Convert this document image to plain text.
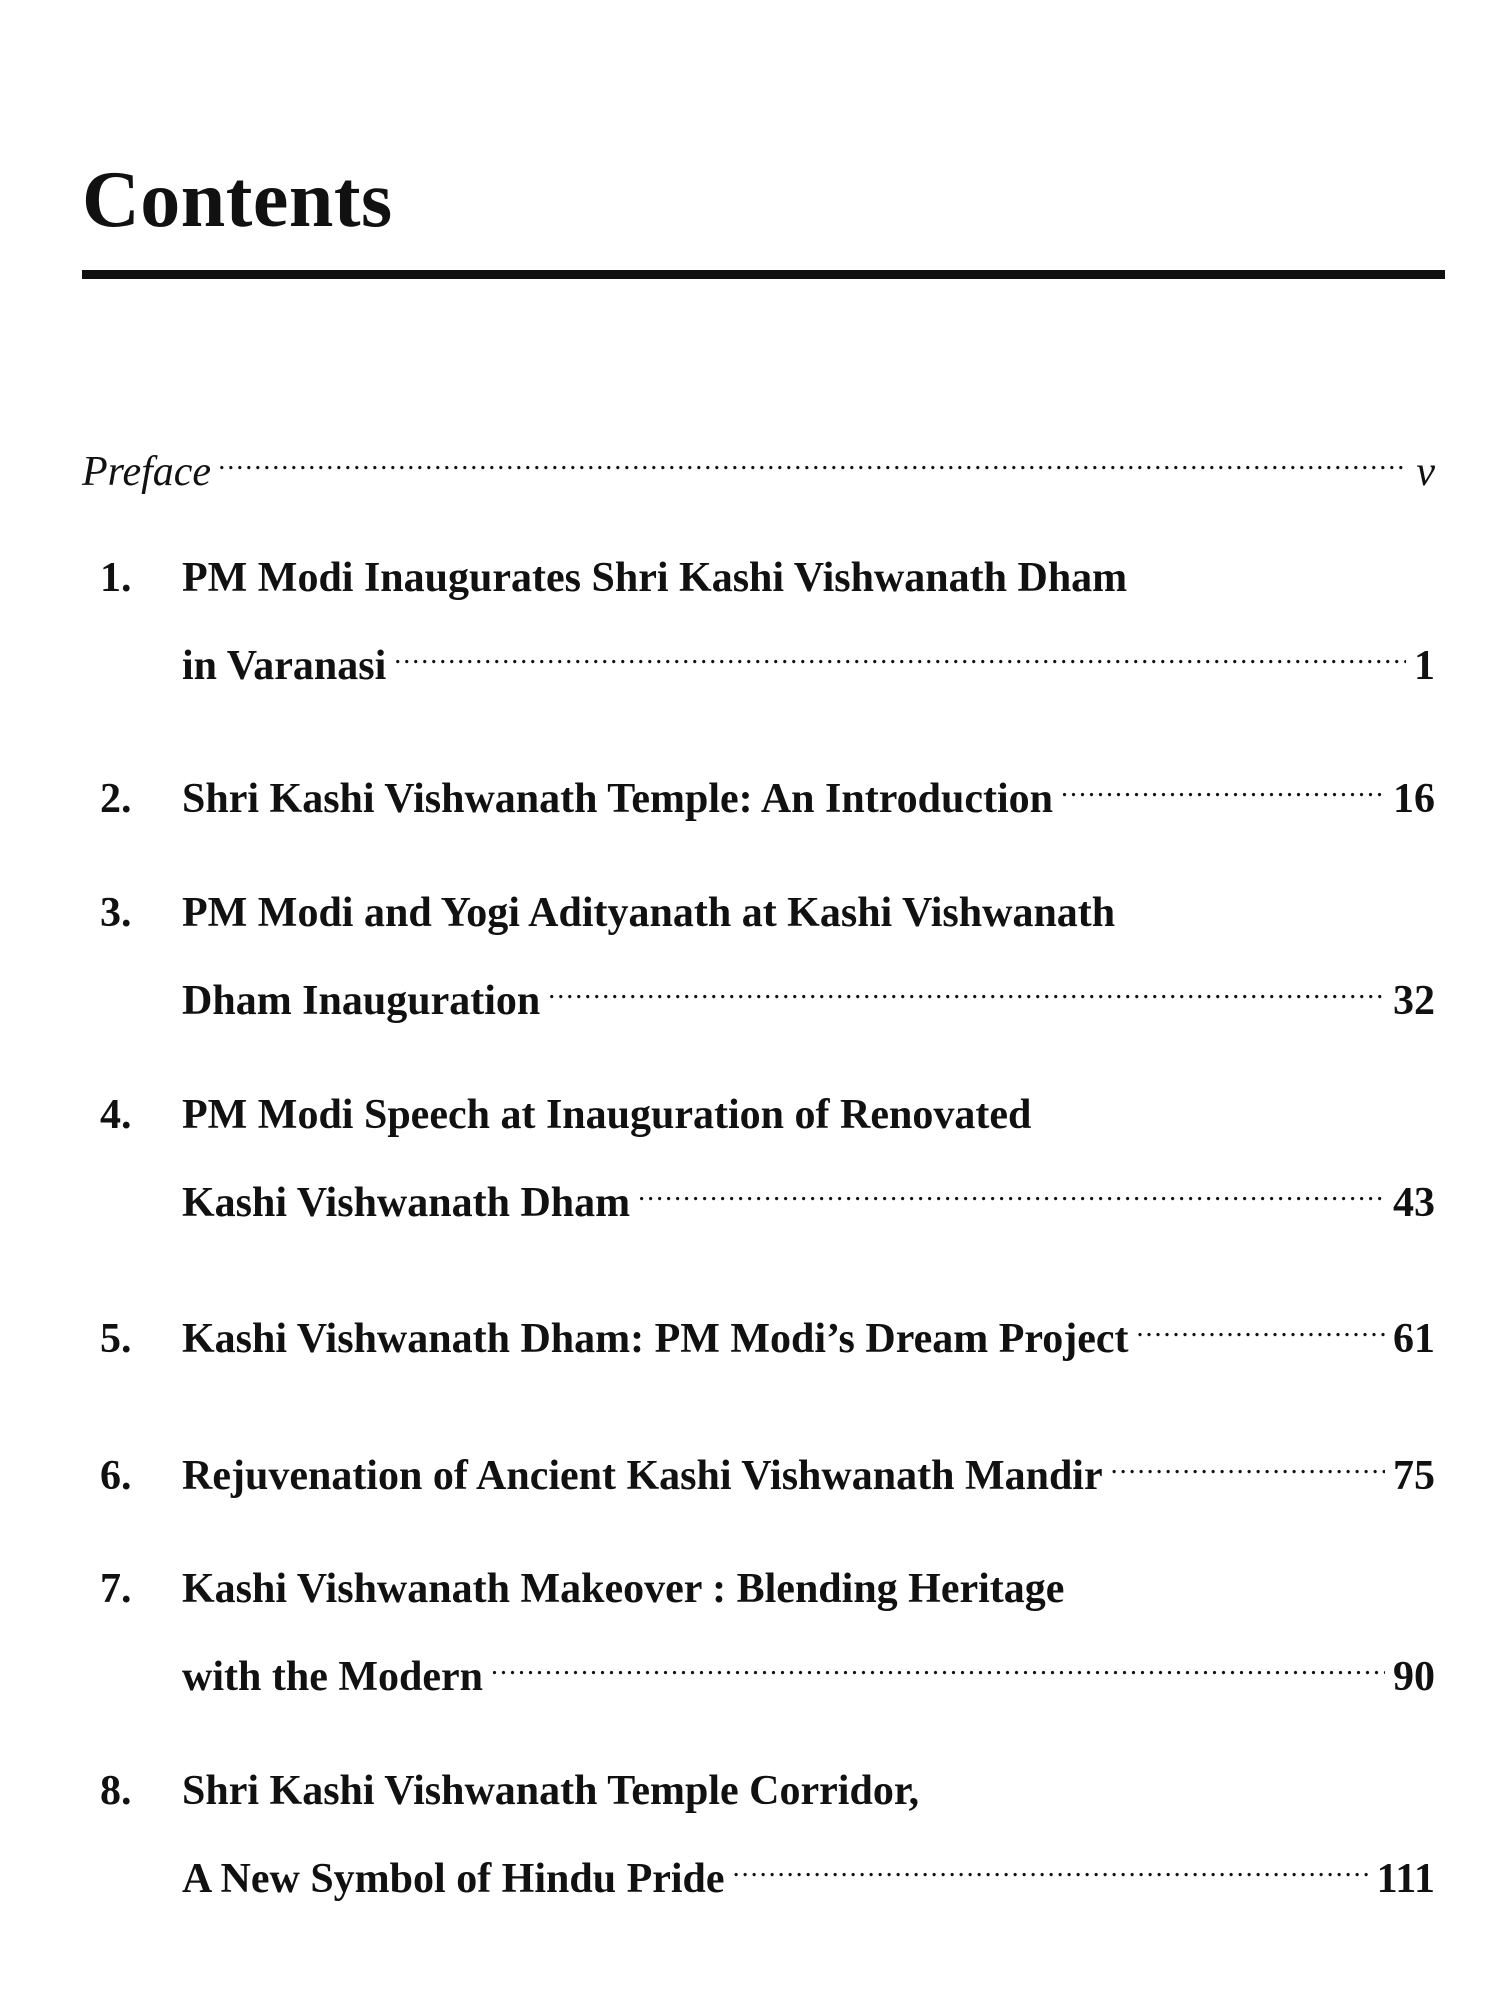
Contents
Preface .....	v
1.	PM Modi Inaugurates Shri Kashi Vishwanath Dham
in Varanasi .....	1
2.	Shri Kashi Vishwanath Temple: An Introduction .....	16
3.	PM Modi and Yogi Adityanath at Kashi Vishwanath
Dham Inauguration .....	32
4.	PM Modi Speech at Inauguration of Renovated
Kashi Vishwanath Dham .....	43
5.	Kashi Vishwanath Dham: PM Modi’s Dream Project .....	61
6.	Rejuvenation of Ancient Kashi Vishwanath Mandir .....	75
7.	Kashi Vishwanath Makeover : Blending Heritage
with the Modern .....	90
8.	Shri Kashi Vishwanath Temple Corridor,
A New Symbol of Hindu Pride .....	111
